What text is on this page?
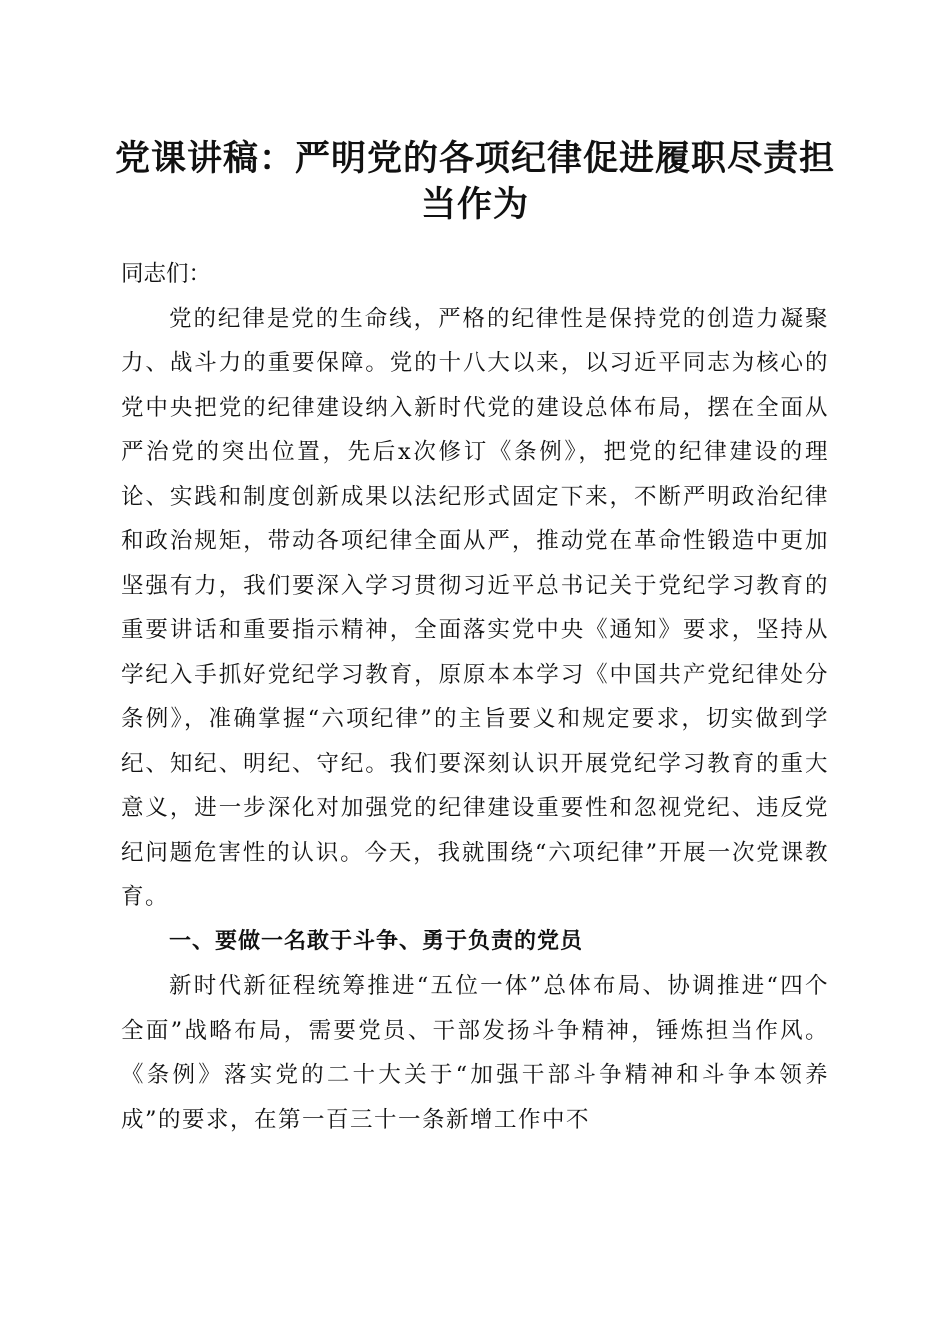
党课讲稿：严明党的各项纪律促进履职尽责担当作为

同志们：

党的纪律是党的生命线，严格的纪律性是保持党的创造力凝聚力、战斗力的重要保障。党的十八大以来，以习近平同志为核心的党中央把党的纪律建设纳入新时代党的建设总体布局，摆在全面从严治党的突出位置，先后x次修订《条例》，把党的纪律建设的理论、实践和制度创新成果以法纪形式固定下来，不断严明政治纪律和政治规矩，带动各项纪律全面从严，推动党在革命性锻造中更加坚强有力，我们要深入学习贯彻习近平总书记关于党纪学习教育的重要讲话和重要指示精神，全面落实党中央《通知》要求，坚持从学纪入手抓好党纪学习教育，原原本本学习《中国共产党纪律处分条例》，准确掌握“六项纪律”的主旨要义和规定要求，切实做到学纪、知纪、明纪、守纪。我们要深刻认识开展党纪学习教育的重大意义，进一步深化对加强党的纪律建设重要性和忽视党纪、违反党纪问题危害性的认识。今天，我就围绕“六项纪律”开展一次党课教育。

一、要做一名敢于斗争、勇于负责的党员

新时代新征程统筹推进“五位一体”总体布局、协调推进“四个全面”战略布局，需要党员、干部发扬斗争精神，锤炼担当作风。《条例》落实党的二十大关于“加强干部斗争精神和斗争本领养成”的要求，在第一百三十一条新增工作中不
